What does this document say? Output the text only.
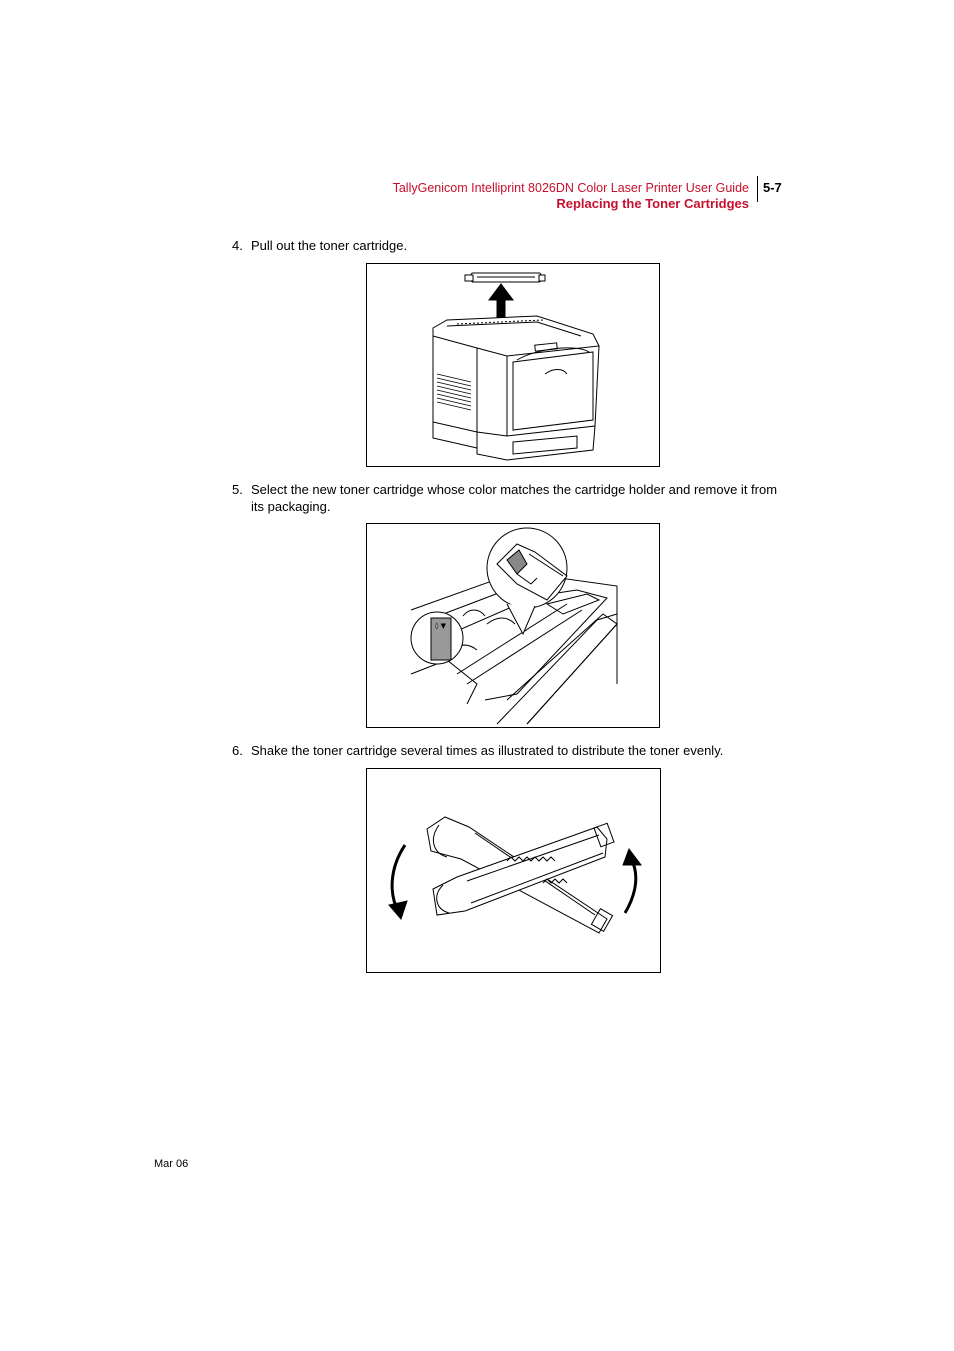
TallyGenicom Intelliprint 8026DN Color Laser Printer User Guide
Replacing the Toner Cartridges
5-7
4. Pull out the toner cartridge.
5. Select the new toner cartridge whose color matches the cartridge holder and remove it from its packaging.
◊ ▼
6. Shake the toner cartridge several times as illustrated to distribute the toner evenly.
Mar 06
